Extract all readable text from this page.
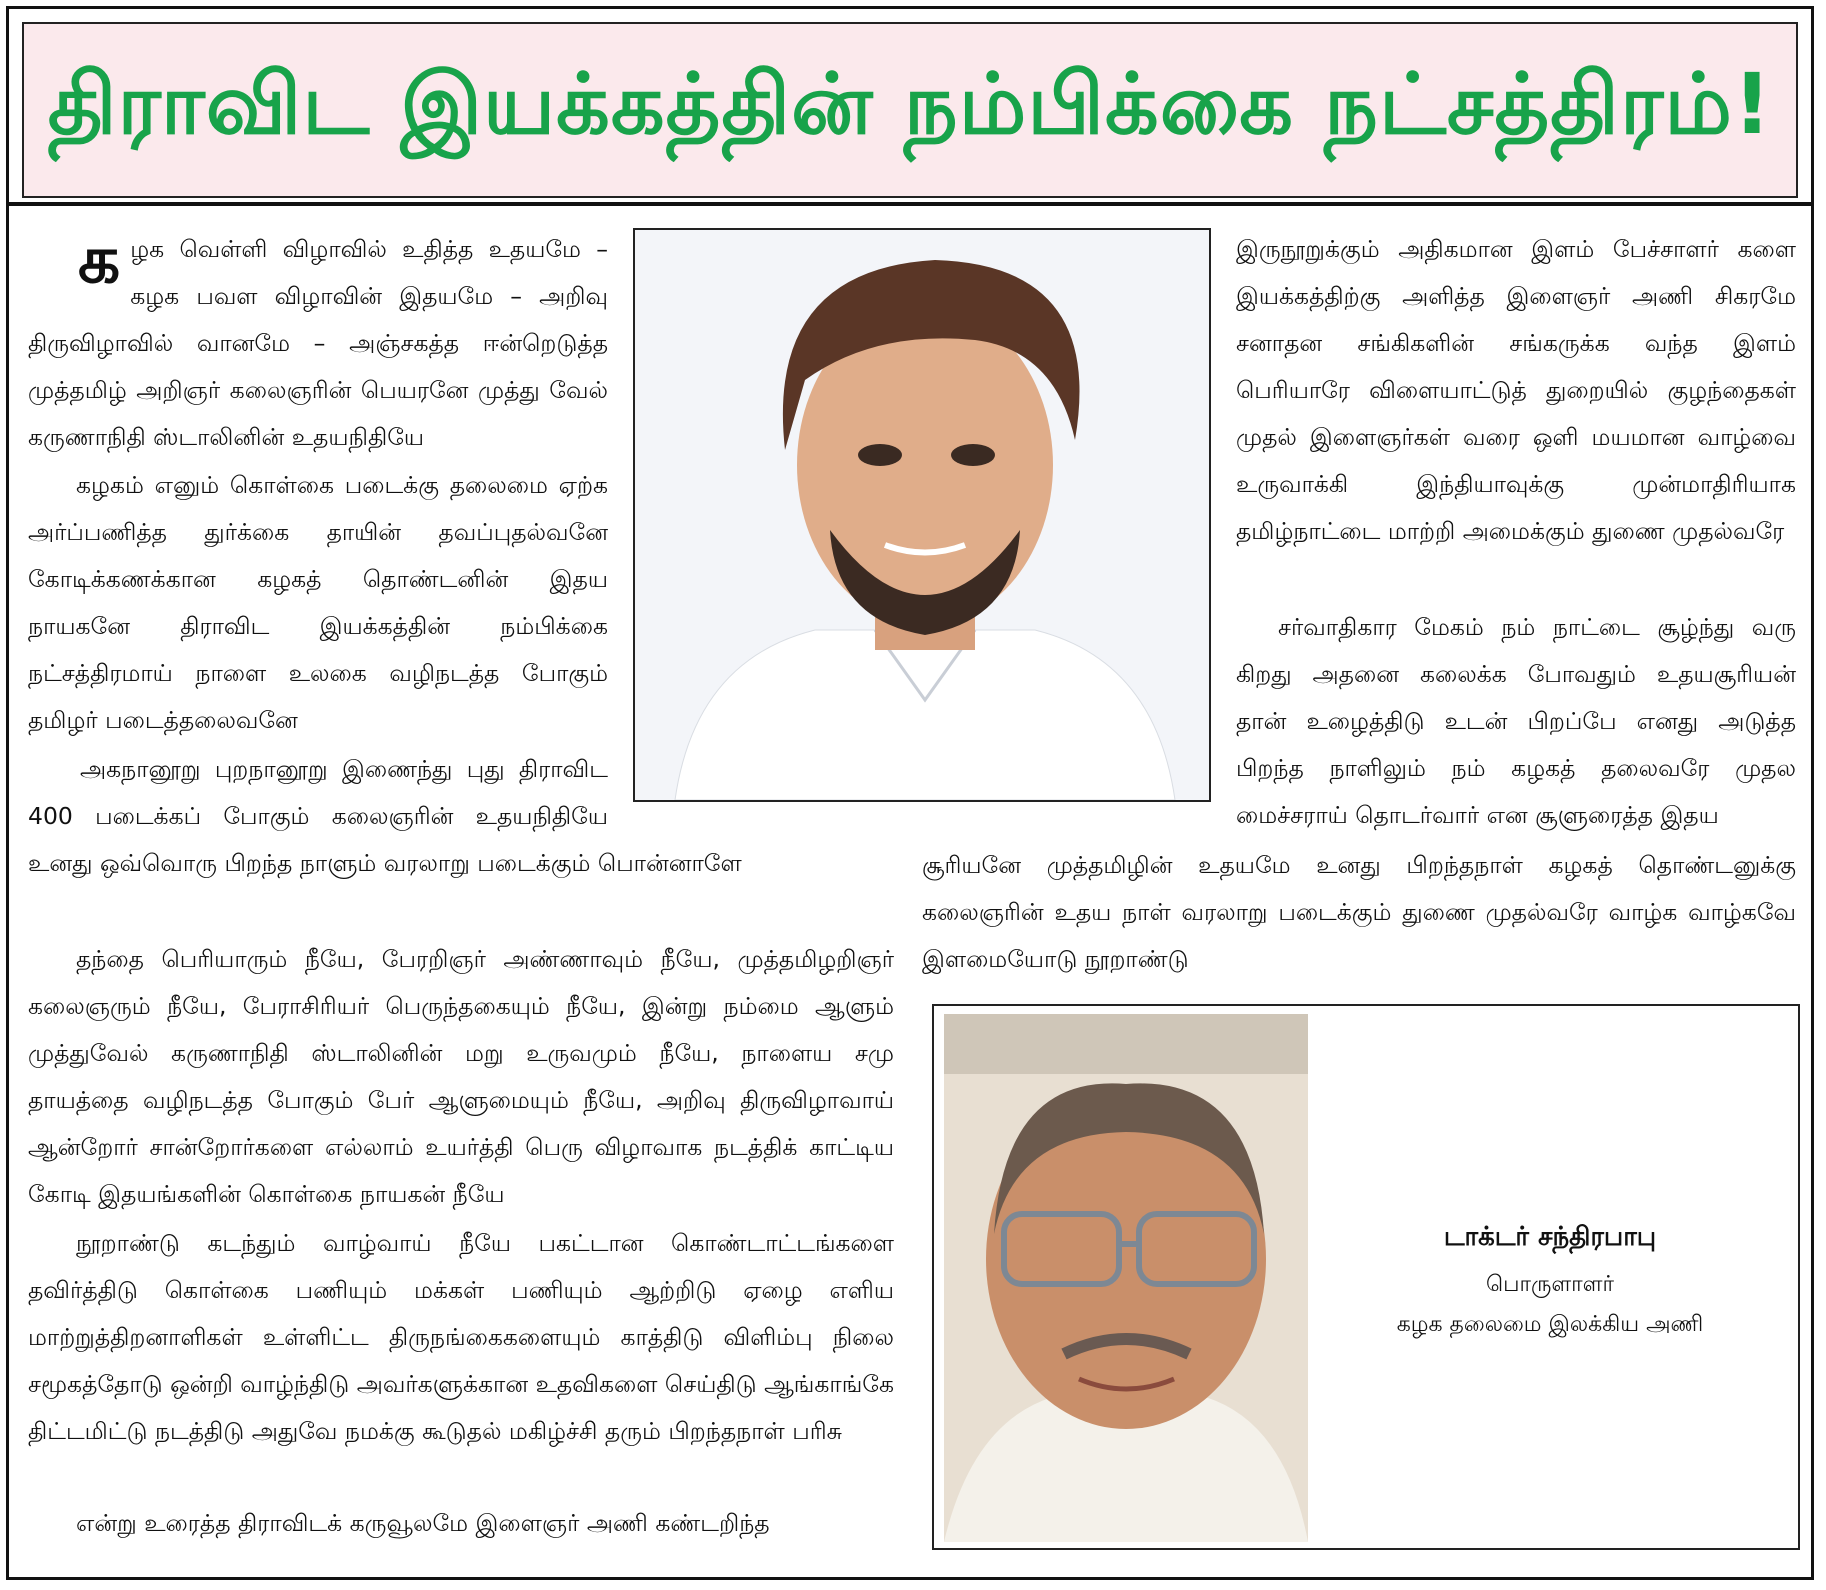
திராவிட இயக்கத்தின் நம்பிக்கை நட்சத்திரம்!

கழக வெள்ளி விழாவில் உதித்த உதயமே – கழக பவள விழாவின் இதயமே – அறிவு திருவிழாவில் வானமே – அஞ்சகத்த ஈன்றெடுத்த முத்தமிழ் அறிஞர் கலைஞரின் பெயரனே முத்து வேல் கருணாநிதி ஸ்டாலினின் உதயநிதியே

கழகம் எனும் கொள்கை படைக்கு தலைமை ஏற்க அர்ப்பணித்த துர்க்கை தாயின் தவப்புதல்வனே கோடிக்கணக்கான கழகத் தொண்டனின் இதய நாயகனே திராவிட இயக்கத்தின் நம்பிக்கை நட்சத்திரமாய் நாளை உலகை வழிநடத்த போகும் தமிழர் படைத்தலைவனே

அகநானூறு புறநானூறு இணைந்து புது திராவிட 400 படைக்கப் போகும் கலைஞரின் உதயநிதியே உனது ஒவ்வொரு பிறந்த நாளும் வரலாறு படைக்கும் பொன்னாளே

தந்தை பெரியாரும் நீயே, பேரறிஞர் அண்ணாவும் நீயே, முத்தமிழறிஞர் கலைஞரும் நீயே, பேராசிரியர் பெருந்தகையும் நீயே, இன்று நம்மை ஆளும் முத்துவேல் கருணாநிதி ஸ்டாலினின் மறு உருவமும் நீயே, நாளைய சமு தாயத்தை வழிநடத்த போகும் பேர் ஆளுமையும் நீயே, அறிவு திருவிழாவாய் ஆன்றோர் சான்றோர்களை எல்லாம் உயர்த்தி பெரு விழாவாக நடத்திக் காட்டிய கோடி இதயங்களின் கொள்கை நாயகன் நீயே

நூறாண்டு கடந்தும் வாழ்வாய் நீயே பகட்டான கொண்டாட்டங்களை தவிர்த்திடு கொள்கை பணியும் மக்கள் பணியும் ஆற்றிடு ஏழை எளிய மாற்றுத்திறனாளிகள் உள்ளிட்ட திருநங்கைகளையும் காத்திடு விளிம்பு நிலை சமூகத்தோடு ஒன்றி வாழ்ந்திடு அவர்களுக்கான உதவிகளை செய்திடு ஆங்காங்கே திட்டமிட்டு நடத்திடு அதுவே நமக்கு கூடுதல் மகிழ்ச்சி தரும் பிறந்தநாள் பரிசு

என்று உரைத்த திராவிடக் கருவூலமே இளைஞர் அணி கண்டறிந்த

இருநூறுக்கும் அதிகமான இளம் பேச்சாளர் களை இயக்கத்திற்கு அளித்த இளைஞர் அணி சிகரமே சனாதன சங்கிகளின் சங்கருக்க வந்த இளம் பெரியாரே விளையாட்டுத் துறையில் குழந்தைகள் முதல் இளைஞர்கள் வரை ஒளி மயமான வாழ்வை உருவாக்கி இந்தியாவுக்கு முன்மாதிரியாக தமிழ்நாட்டை மாற்றி அமைக்கும் துணை முதல்வரே

சர்வாதிகார மேகம் நம் நாட்டை சூழ்ந்து வரு கிறது அதனை கலைக்க போவதும் உதயசூரியன் தான் உழைத்திடு உடன் பிறப்பே எனது அடுத்த பிறந்த நாளிலும் நம் கழகத் தலைவரே முதல மைச்சராய் தொடர்வார் என சூளுரைத்த இதய

சூரியனே முத்தமிழின் உதயமே உனது பிறந்தநாள் கழகத் தொண்டனுக்கு கலைஞரின் உதய நாள் வரலாறு படைக்கும் துணை முதல்வரே வாழ்க வாழ்கவே இளமையோடு நூறாண்டு

டாக்டர் சந்திரபாபு
பொருளாளர்
கழக தலைமை இலக்கிய அணி
